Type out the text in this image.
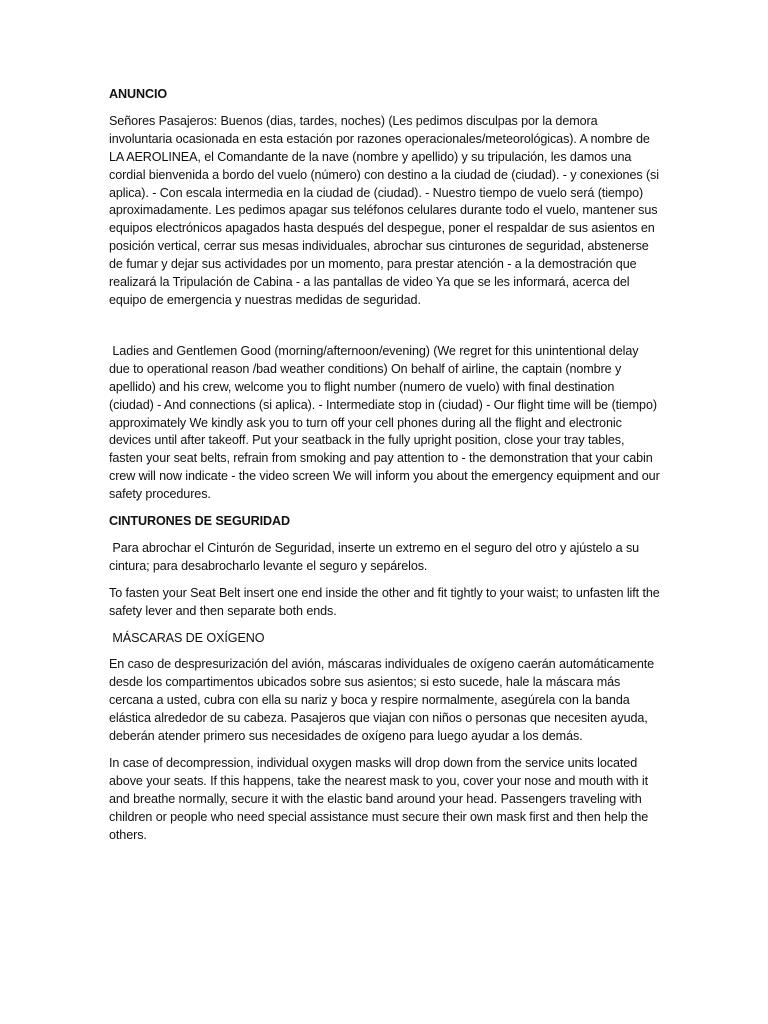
ANUNCIO

Señores Pasajeros: Buenos (dias, tardes, noches) (Les pedimos disculpas por la demora involuntaria ocasionada en esta estación por razones operacionales/meteorológicas). A nombre de LA AEROLINEA, el Comandante de la nave (nombre y apellido) y su tripulación, les damos una cordial bienvenida a bordo del vuelo (número) con destino a la ciudad de (ciudad). - y conexiones (si aplica). - Con escala intermedia en la ciudad de (ciudad). - Nuestro tiempo de vuelo será (tiempo) aproximadamente. Les pedimos apagar sus teléfonos celulares durante todo el vuelo, mantener sus equipos electrónicos apagados hasta después del despegue, poner el respaldar de sus asientos en posición vertical, cerrar sus mesas individuales, abrochar sus cinturones de seguridad, abstenerse de fumar y dejar sus actividades por un momento, para prestar atención - a la demostración que realizará la Tripulación de Cabina - a las pantallas de video Ya que se les informará, acerca del equipo de emergencia y nuestras medidas de seguridad.

Ladies and Gentlemen Good (morning/afternoon/evening) (We regret for this unintentional delay due to operational reason /bad weather conditions) On behalf of airline, the captain (nombre y apellido) and his crew, welcome you to flight number (numero de vuelo) with final destination (ciudad) - And connections (si aplica). - Intermediate stop in (ciudad) - Our flight time will be (tiempo) approximately We kindly ask you to turn off your cell phones during all the flight and electronic devices until after takeoff. Put your seatback in the fully upright position, close your tray tables, fasten your seat belts, refrain from smoking and pay attention to - the demonstration that your cabin crew will now indicate - the video screen We will inform you about the emergency equipment and our safety procedures.

CINTURONES DE SEGURIDAD

Para abrochar el Cinturón de Seguridad, inserte un extremo en el seguro del otro y ajústelo a su cintura; para desabrocharlo levante el seguro y sepárelos.

To fasten your Seat Belt insert one end inside the other and fit tightly to your waist; to unfasten lift the safety lever and then separate both ends.

MÁSCARAS DE OXÍGENO

En caso de despresurización del avión, máscaras individuales de oxígeno caerán automáticamente desde los compartimentos ubicados sobre sus asientos; si esto sucede, hale la máscara más cercana a usted, cubra con ella su nariz y boca y respire normalmente, asegúrela con la banda elástica alrededor de su cabeza. Pasajeros que viajan con niños o personas que necesiten ayuda, deberán atender primero sus necesidades de oxígeno para luego ayudar a los demás.

In case of decompression, individual oxygen masks will drop down from the service units located above your seats. If this happens, take the nearest mask to you, cover your nose and mouth with it and breathe normally, secure it with the elastic band around your head. Passengers traveling with children or people who need special assistance must secure their own mask first and then help the others.
